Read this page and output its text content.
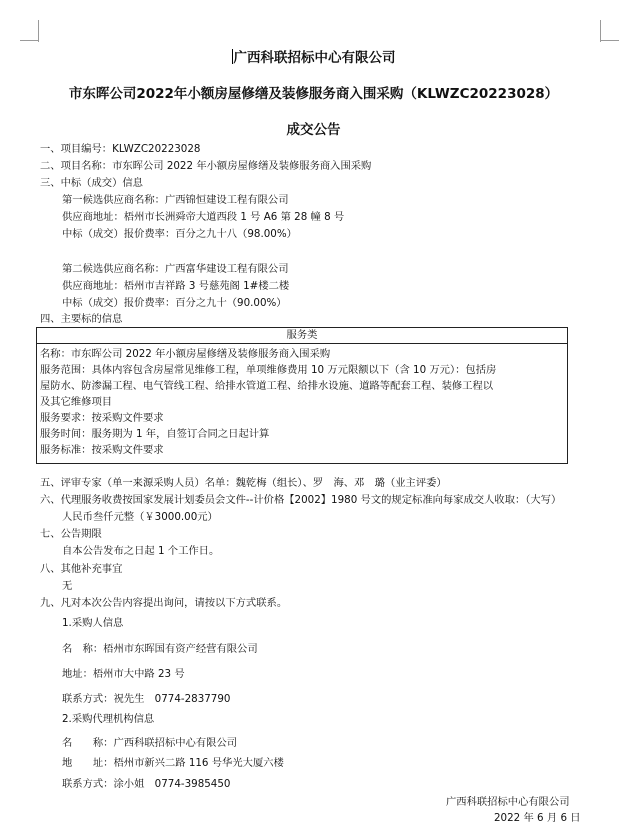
广西科联招标中心有限公司
市东晖公司2022年小额房屋修缮及装修服务商入围采购（KLWZC20223028）
成交公告
一、项目编号：KLWZC20223028
二、项目名称：市东晖公司 2022 年小额房屋修缮及装修服务商入围采购
三、中标（成交）信息
第一候选供应商名称：广西锦恒建设工程有限公司
供应商地址：梧州市长洲舜帝大道西段 1 号 A6 第 28 幢 8 号
中标（成交）报价费率：百分之九十八（98.00%）
第二候选供应商名称：广西富华建设工程有限公司
供应商地址：梧州市吉祥路 3 号慈苑阁 1#楼二楼
中标（成交）报价费率：百分之九十（90.00%）
四、主要标的信息
服务类
名称：市东晖公司 2022 年小额房屋修缮及装修服务商入围采购
服务范围：具体内容包含房屋常见维修工程，单项维修费用 10 万元限额以下（含 10 万元）：包括房
屋防水、防渗漏工程、电气管线工程、给排水管道工程、给排水设施、道路等配套工程、装修工程以
及其它维修项目
服务要求：按采购文件要求
服务时间：服务期为 1 年，自签订合同之日起计算
服务标准：按采购文件要求
五、评审专家（单一来源采购人员）名单：魏乾梅（组长）、罗　海、邓　璐（业主评委）
六、代理服务收费按国家发展计划委员会文件--计价格【2002】1980 号文的规定标准向每家成交人收取：（大写）
人民币叁仟元整（￥3000.00元）
七、公告期限
自本公告发布之日起 1 个工作日。
八、其他补充事宜
无
九、凡对本次公告内容提出询问，请按以下方式联系。
1.采购人信息
名　称：梧州市东晖国有资产经营有限公司
地址：梧州市大中路 23 号
联系方式：祝先生　0774-2837790
2.采购代理机构信息
名　　称：广西科联招标中心有限公司
地　　址：梧州市新兴二路 116 号华光大厦六楼
联系方式：涂小姐　0774-3985450
广西科联招标中心有限公司
2022 年 6 月 6 日
